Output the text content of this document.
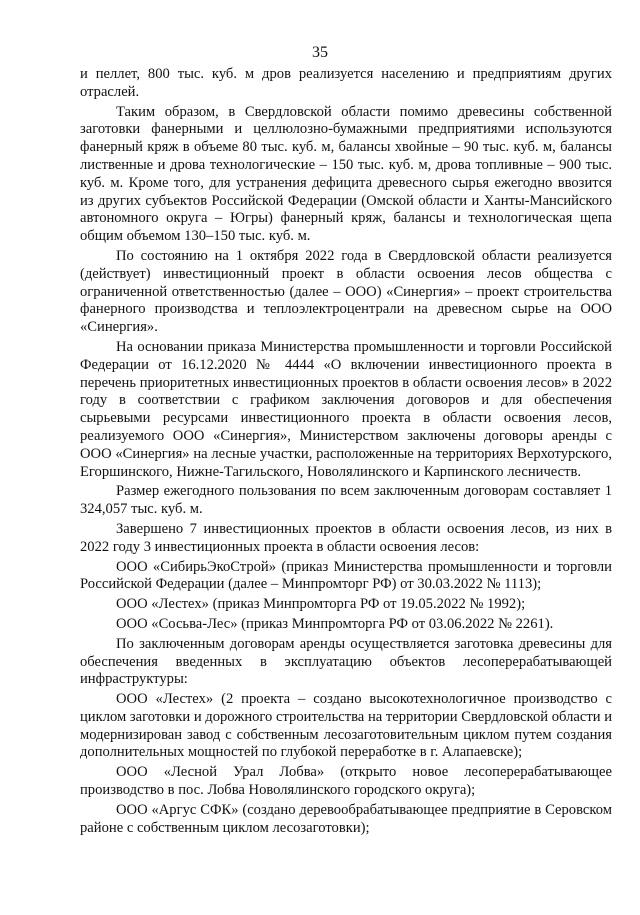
35

и пеллет, 800 тыс. куб. м дров реализуется населению и предприятиям других отраслей.

Таким образом, в Свердловской области помимо древесины собственной заготовки фанерными и целлюлозно-бумажными предприятиями используются фанерный кряж в объеме 80 тыс. куб. м, балансы хвойные – 90 тыс. куб. м, балансы лиственные и дрова технологические – 150 тыс. куб. м, дрова топливные – 900 тыс. куб. м. Кроме того, для устранения дефицита древесного сырья ежегодно ввозится из других субъектов Российской Федерации (Омской области и Ханты-Мансийского автономного округа – Югры) фанерный кряж, балансы и технологическая щепа общим объемом 130–150 тыс. куб. м.

По состоянию на 1 октября 2022 года в Свердловской области реализуется (действует) инвестиционный проект в области освоения лесов общества с ограниченной ответственностью (далее – ООО) «Синергия» – проект строительства фанерного производства и теплоэлектроцентрали на древесном сырье на ООО «Синергия».

На основании приказа Министерства промышленности и торговли Российской Федерации от 16.12.2020 № 4444 «О включении инвестиционного проекта в перечень приоритетных инвестиционных проектов в области освоения лесов» в 2022 году в соответствии с графиком заключения договоров и для обеспечения сырьевыми ресурсами инвестиционного проекта в области освоения лесов, реализуемого ООО «Синергия», Министерством заключены договоры аренды с ООО «Синергия» на лесные участки, расположенные на территориях Верхотурского, Егоршинского, Нижне-Тагильского, Новолялинского и Карпинского лесничеств.

Размер ежегодного пользования по всем заключенным договорам составляет 1 324,057 тыс. куб. м.

Завершено 7 инвестиционных проектов в области освоения лесов, из них в 2022 году 3 инвестиционных проекта в области освоения лесов:

ООО «СибирьЭкоСтрой» (приказ Министерства промышленности и торговли Российской Федерации (далее – Минпромторг РФ) от 30.03.2022 № 1113);

ООО «Лестех» (приказ Минпромторга РФ от 19.05.2022 № 1992);

ООО «Сосьва-Лес» (приказ Минпромторга РФ от 03.06.2022 № 2261).

По заключенным договорам аренды осуществляется заготовка древесины для обеспечения введенных в эксплуатацию объектов лесоперерабатывающей инфраструктуры:

ООО «Лестех» (2 проекта – создано высокотехнологичное производство с циклом заготовки и дорожного строительства на территории Свердловской области и модернизирован завод с собственным лесозаготовительным циклом путем создания дополнительных мощностей по глубокой переработке в г. Алапаевске);

ООО «Лесной Урал Лобва» (открыто новое лесоперерабатывающее производство в пос. Лобва Новолялинского городского округа);

ООО «Аргус СФК» (создано деревообрабатывающее предприятие в Серовском районе с собственным циклом лесозаготовки);
